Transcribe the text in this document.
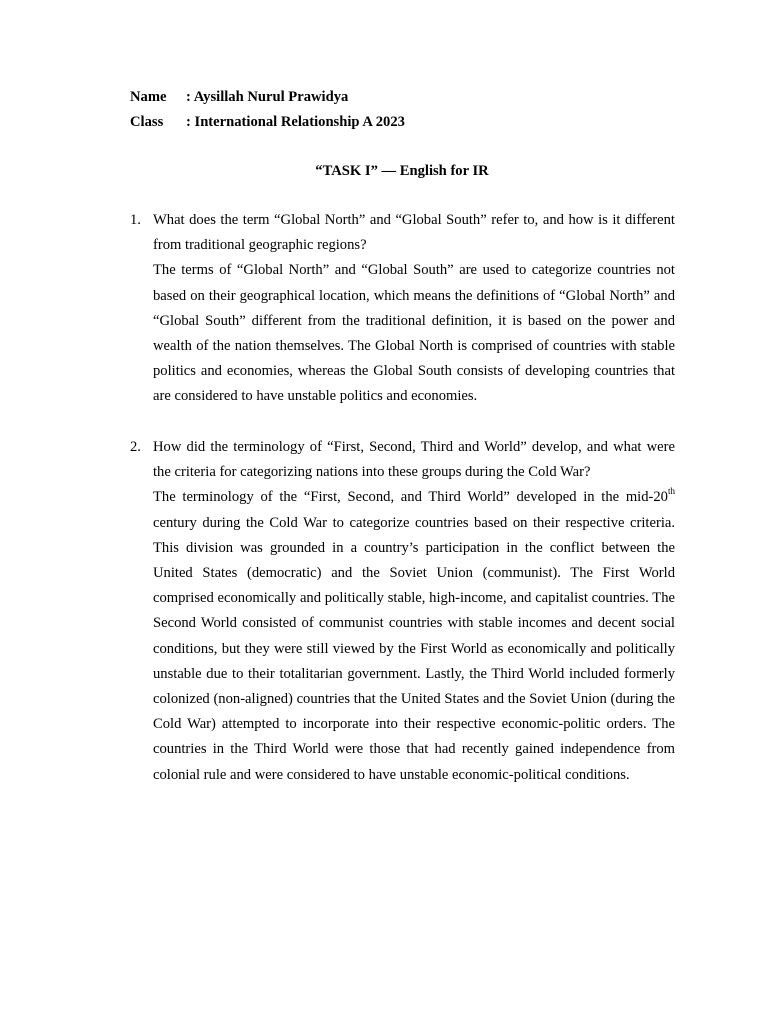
Name : Aysillah Nurul Prawidya
Class : International Relationship A 2023
“TASK I” — English for IR
1. What does the term “Global North” and “Global South” refer to, and how is it different from traditional geographic regions?

The terms of “Global North” and “Global South” are used to categorize countries not based on their geographical location, which means the definitions of “Global North” and “Global South” different from the traditional definition, it is based on the power and wealth of the nation themselves. The Global North is comprised of countries with stable politics and economies, whereas the Global South consists of developing countries that are considered to have unstable politics and economies.

2. How did the terminology of “First, Second, Third and World” develop, and what were the criteria for categorizing nations into these groups during the Cold War?

The terminology of the “First, Second, and Third World” developed in the mid-20th century during the Cold War to categorize countries based on their respective criteria. This division was grounded in a country’s participation in the conflict between the United States (democratic) and the Soviet Union (communist). The First World comprised economically and politically stable, high-income, and capitalist countries. The Second World consisted of communist countries with stable incomes and decent social conditions, but they were still viewed by the First World as economically and politically unstable due to their totalitarian government. Lastly, the Third World included formerly colonized (non-aligned) countries that the United States and the Soviet Union (during the Cold War) attempted to incorporate into their respective economic-politic orders. The countries in the Third World were those that had recently gained independence from colonial rule and were considered to have unstable economic-political conditions.
